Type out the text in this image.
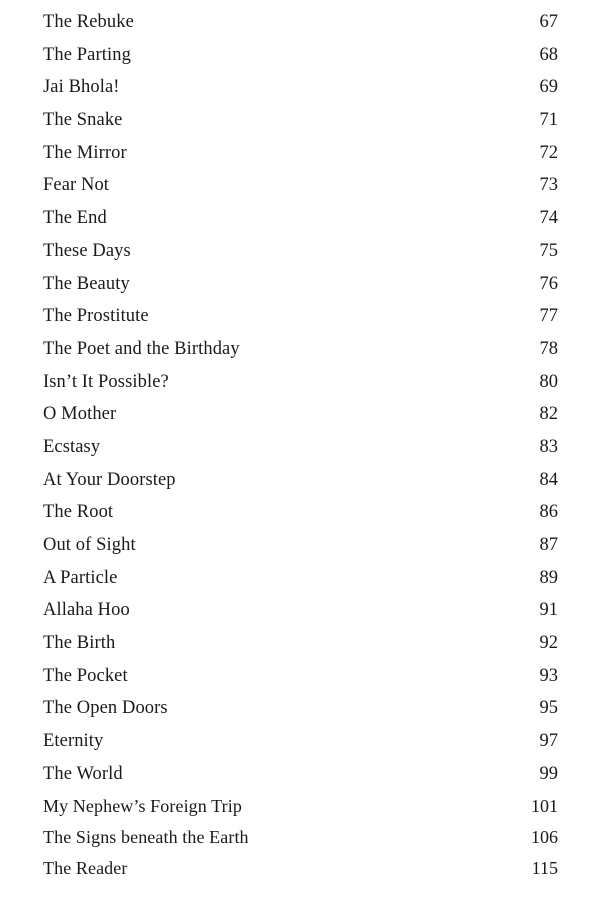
The Rebuke	67
The Parting	68
Jai Bhola!	69
The Snake	71
The Mirror	72
Fear Not	73
The End	74
These Days	75
The Beauty	76
The Prostitute	77
The Poet and the Birthday	78
Isn’t It Possible?	80
O Mother	82
Ecstasy	83
At Your Doorstep	84
The Root	86
Out of Sight	87
A Particle	89
Allaha Hoo	91
The Birth	92
The Pocket	93
The Open Doors	95
Eternity	97
The World	99
My Nephew’s Foreign Trip	101
The Signs beneath the Earth	106
The Reader	115
